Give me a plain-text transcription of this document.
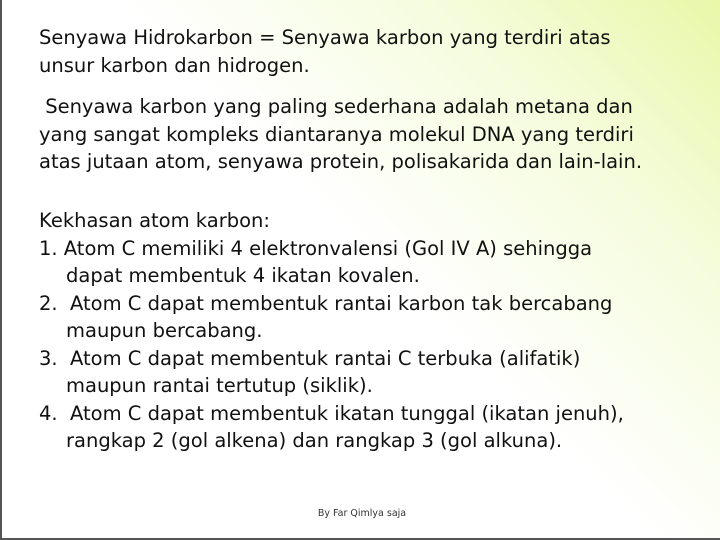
Senyawa Hidrokarbon = Senyawa karbon yang terdiri atas
unsur karbon dan hidrogen.
Senyawa karbon yang paling sederhana adalah metana dan
yang sangat kompleks diantaranya molekul DNA yang terdiri
atas jutaan atom, senyawa protein, polisakarida dan lain-lain.
Kekhasan atom karbon:
1. Atom C memiliki 4 elektronvalensi (Gol IV A) sehingga
dapat membentuk 4 ikatan kovalen.
2.  Atom C dapat membentuk rantai karbon tak bercabang
maupun bercabang.
3.  Atom C dapat membentuk rantai C terbuka (alifatik)
maupun rantai tertutup (siklik).
4.  Atom C dapat membentuk ikatan tunggal (ikatan jenuh),
rangkap 2 (gol alkena) dan rangkap 3 (gol alkuna).
By Far Qimlya saja
